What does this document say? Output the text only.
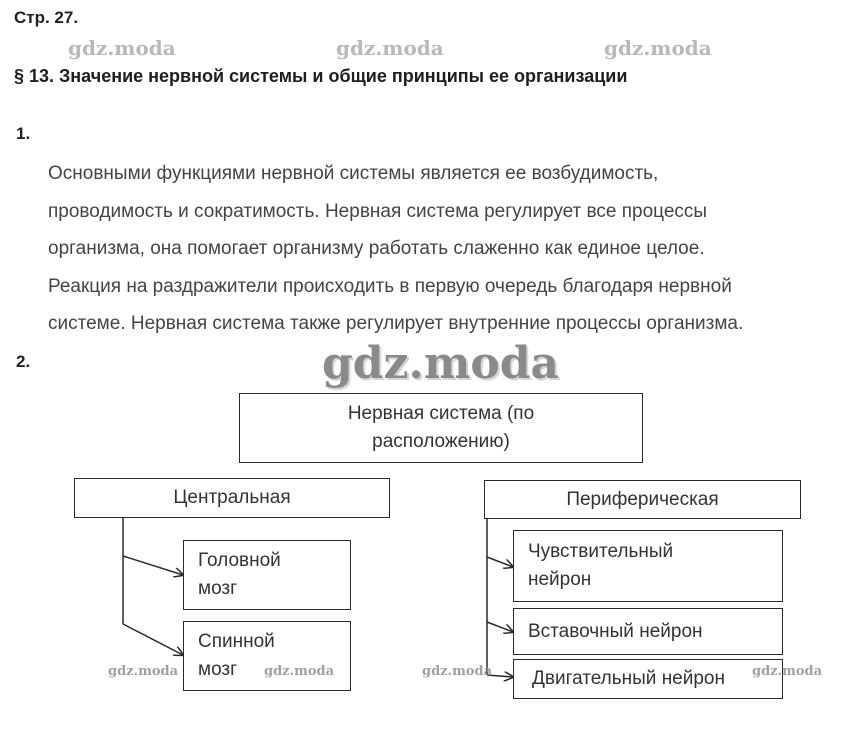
Стр. 27.
gdz.moda	gdz.moda	gdz.moda
§ 13. Значение нервной системы и общие принципы ее организации
1.
Основными функциями нервной системы является ее возбудимость,
проводимость и сократимость. Нервная система регулирует все процессы
организма, она помогает организму работать слаженно как единое целое.
Реакция на раздражители происходить в первую очередь благодаря нервной
системе. Нервная система также регулирует внутренние процессы организма.
2.	gdz.moda
Нервная система (по
расположению)
Центральная
Головной
мозг
Спинной
мозг
Периферическая
Чувствительный
нейрон
Вставочный нейрон
Двигательный нейрон
gdz.moda	gdz.moda	gdz.moda	gdz.moda
